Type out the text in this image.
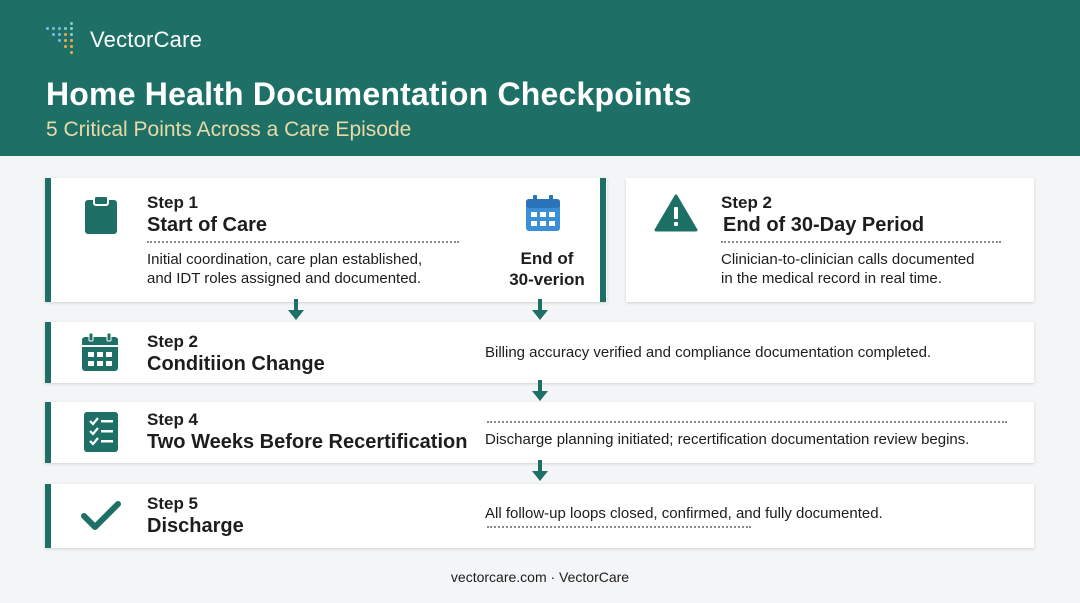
VectorCare
Home Health Documentation Checkpoints
5 Critical Points Across a Care Episode
Step 1
Start of Care
Initial coordination, care plan established,
and IDT roles assigned and documented.
End of
30-verion
Step 2
End of 30-Day Period
Clinician-to-clinician calls documented
in the medical record in real time.
Step 2
Conditiion Change
Billing accuracy verified and compliance documentation completed.
Step 4
Two Weeks Before Recertification Discharge planning initiated; recertification documentation review begins.
Step 5
Discharge
All follow-up loops closed, confirmed, and fully documented.
vectorcare.com · VectorCare
